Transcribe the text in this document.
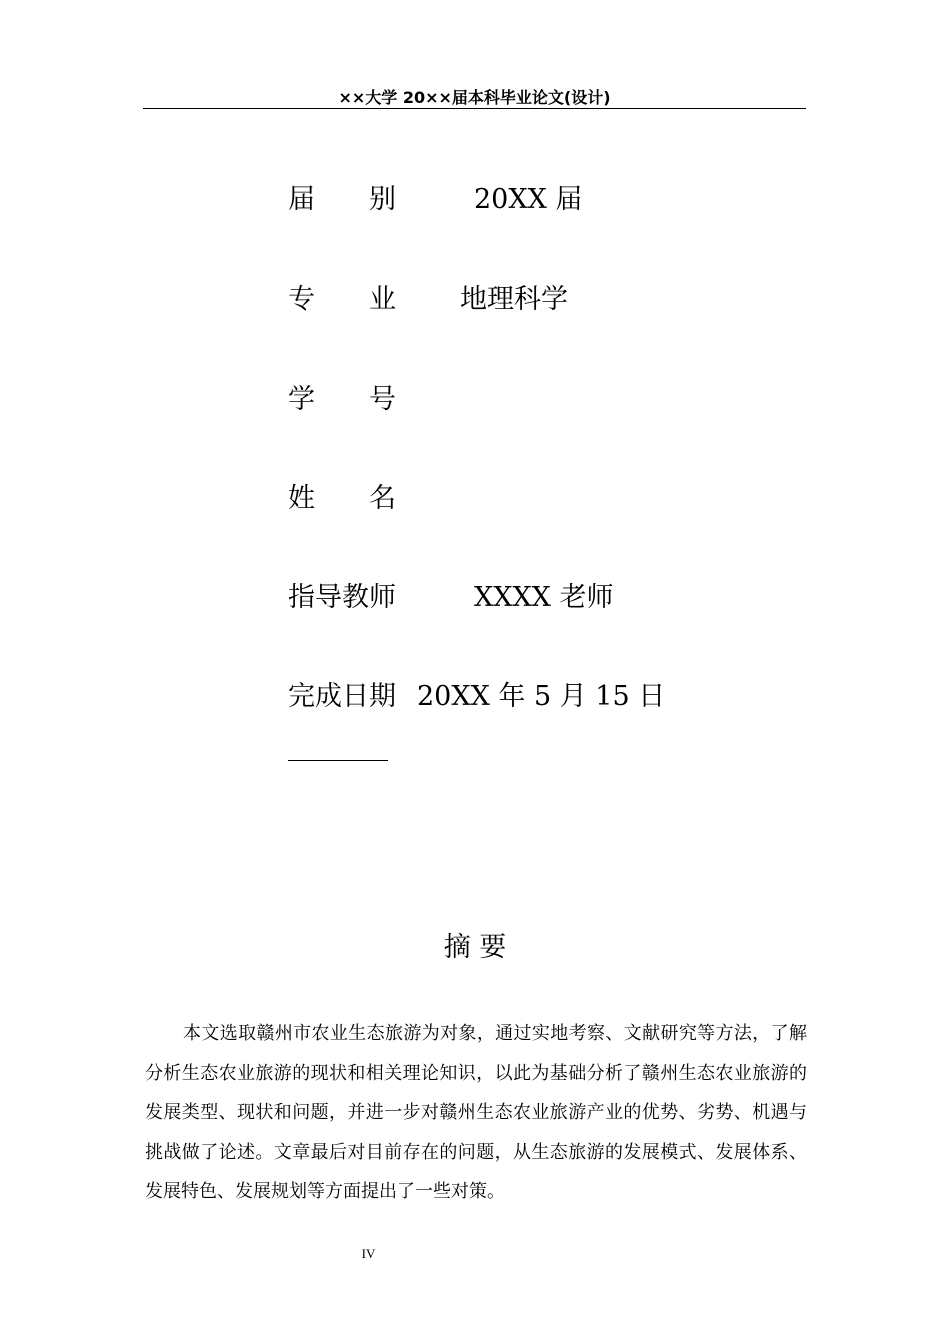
××大学 20××届本科毕业论文(设计)
届　　别	20XX 届
专　　业 地理科学
学　　号
姓　　名
指导教师	XXXX 老师
完成日期 20XX 年 5 月 15 日
摘 要
本文选取赣州市农业生态旅游为对象，通过实地考察、文献研究等方法，了解分析生态农业旅游的现状和相关理论知识，以此为基础分析了赣州生态农业旅游的发展类型、现状和问题，并进一步对赣州生态农业旅游产业的优势、劣势、机遇与挑战做了论述。文章最后对目前存在的问题，从生态旅游的发展模式、发展体系、发展特色、发展规划等方面提出了一些对策。
IV
